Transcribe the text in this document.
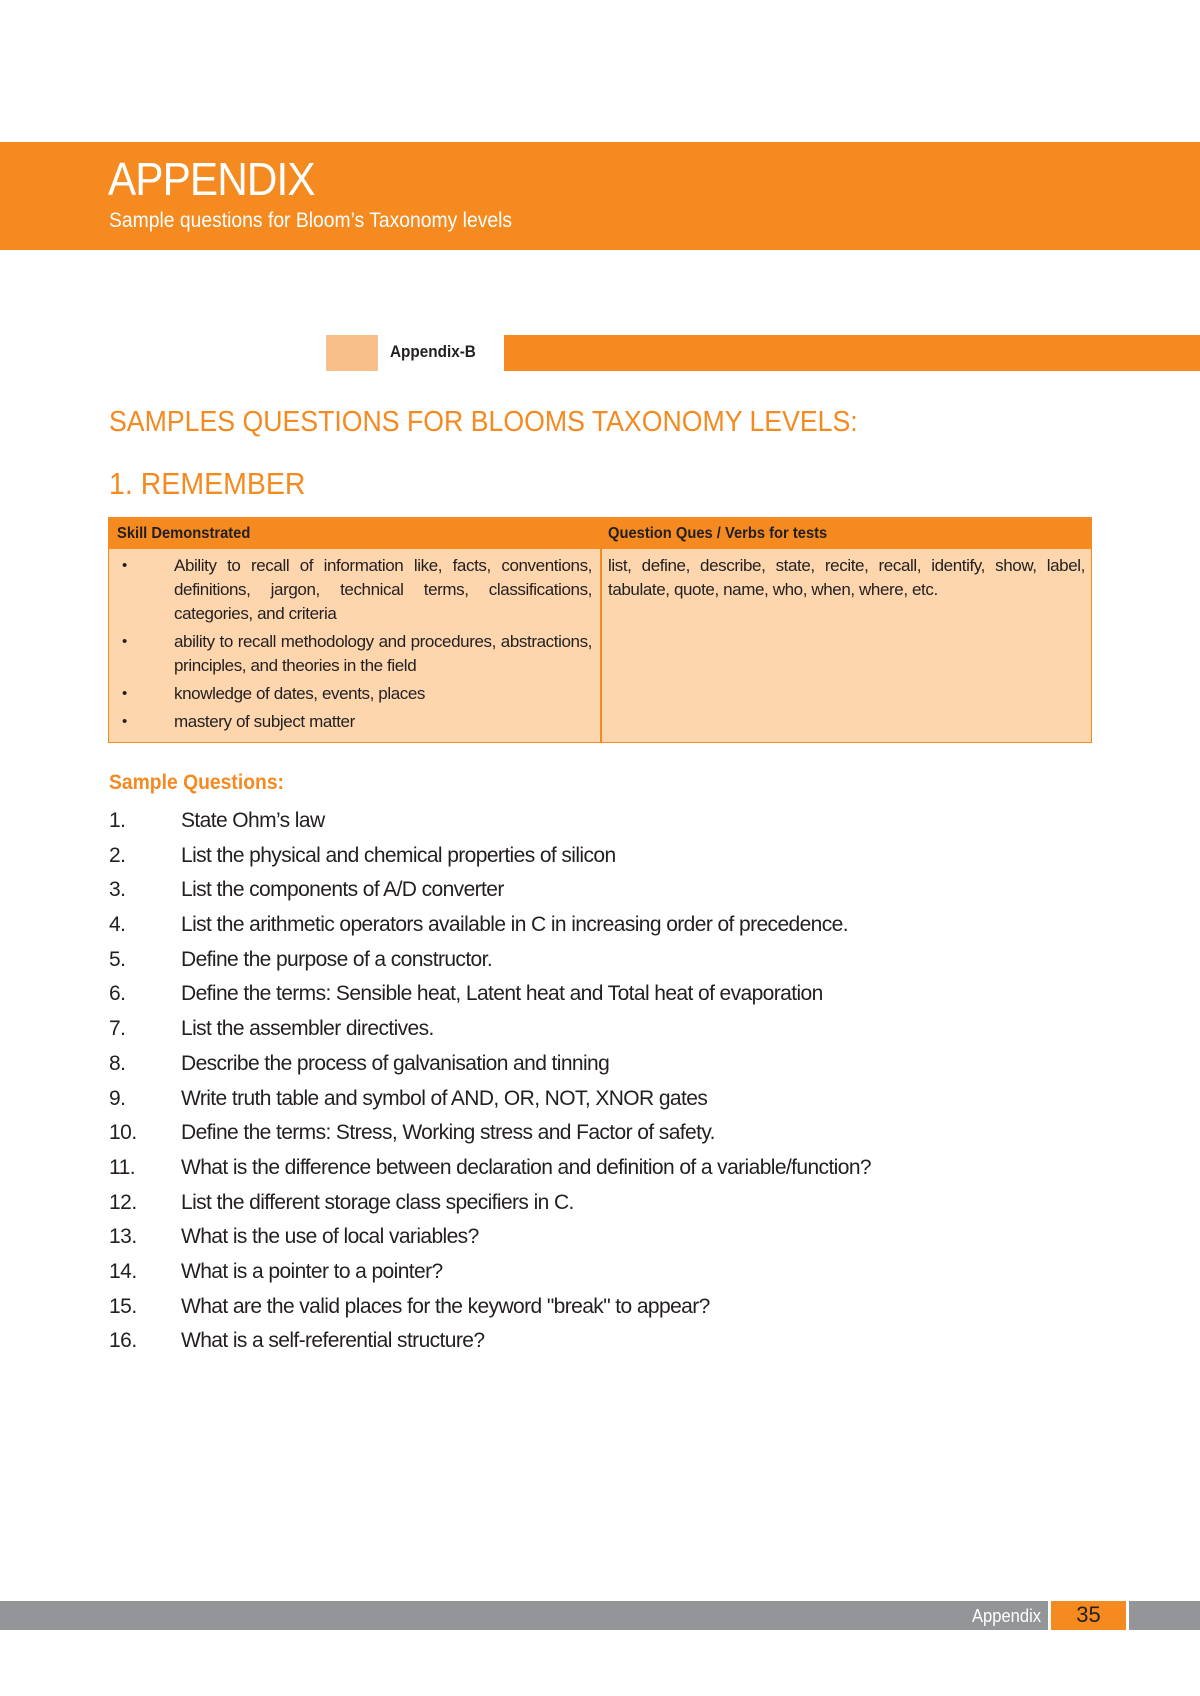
APPENDIX
Sample questions for Bloom’s Taxonomy levels
Appendix-B
SAMPLES QUESTIONS FOR BLOOMS TAXONOMY LEVELS:
1. REMEMBER
Skill Demonstrated	Question Ques / Verbs for tests
•	Ability to recall of information like, facts, conventions, definitions, jargon, technical terms, classifications, categories, and criteria
•	ability to recall methodology and procedures, abstractions, principles, and theories in the field
•	knowledge of dates, events, places
•	mastery of subject matter
list, define, describe, state, recite, recall, identify, show, label, tabulate, quote, name, who, when, where, etc.
Sample Questions:
1.	State Ohm’s law
2.	List the physical and chemical properties of silicon
3.	List the components of A/D converter
4.	List the arithmetic operators available in C in increasing order of precedence.
5.	Define the purpose of a constructor.
6.	Define the terms: Sensible heat, Latent heat and Total heat of evaporation
7.	List the assembler directives.
8.	Describe the process of galvanisation and tinning
9.	Write truth table and symbol of AND, OR, NOT, XNOR gates
10. Define the terms: Stress, Working stress and Factor of safety.
11. What is the difference between declaration and definition of a variable/function?
12. List the different storage class specifiers in C.
13. What is the use of local variables?
14. What is a pointer to a pointer?
15. What are the valid places for the keyword "break" to appear?
16. What is a self-referential structure?
Appendix	35
